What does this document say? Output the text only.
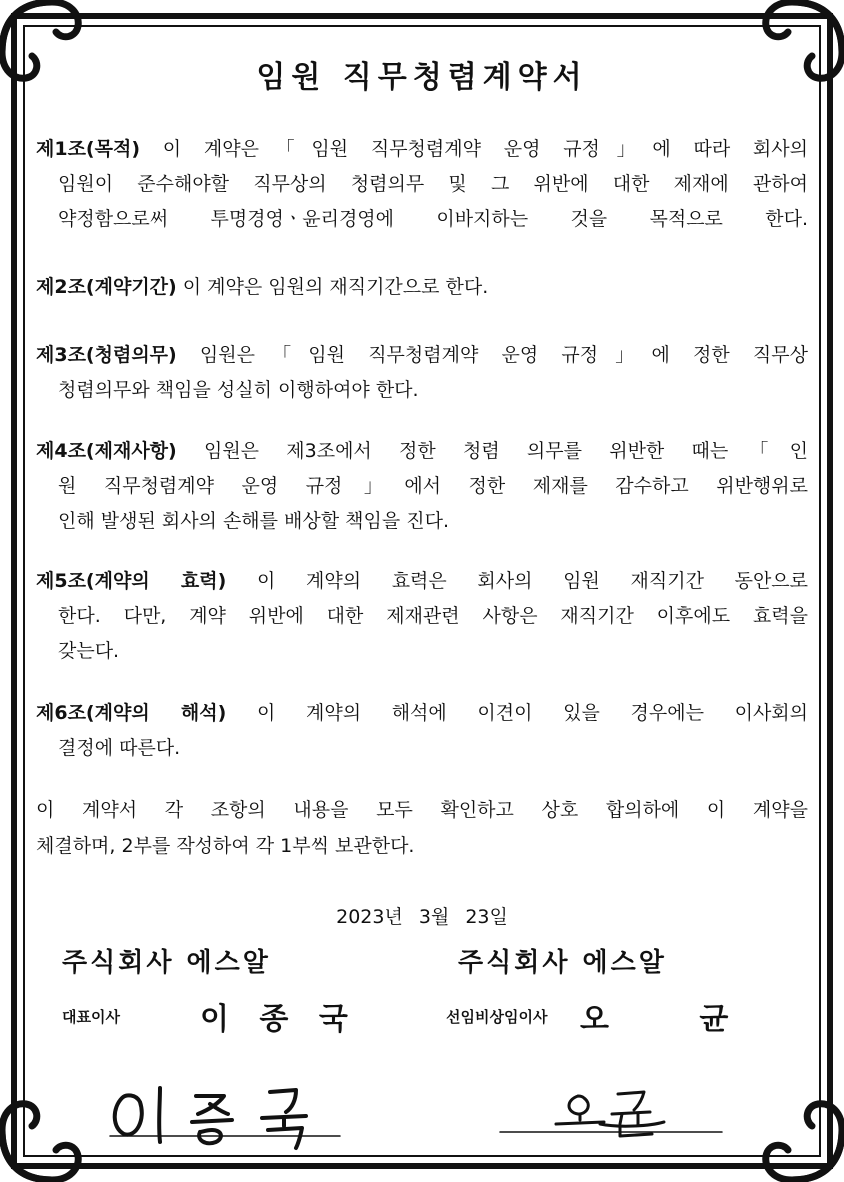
임원 직무청렴계약서
제1조(목적) 이 계약은「임원 직무청렴계약 운영 규정」에 따라 회사의
임원이 준수해야할 직무상의 청렴의무 및 그 위반에 대한 제재에 관하여
약정함으로써 투명경영ㆍ윤리경영에 이바지하는 것을 목적으로 한다.
제2조(계약기간) 이 계약은 임원의 재직기간으로 한다.
제3조(청렴의무) 임원은「임원 직무청렴계약 운영 규정」에 정한 직무상
청렴의무와 책임을 성실히 이행하여야 한다.
제4조(제재사항) 임원은 제3조에서 정한 청렴 의무를 위반한 때는「인
원 직무청렴계약 운영 규정」에서 정한 제재를 감수하고 위반행위로
인해 발생된 회사의 손해를 배상할 책임을 진다.
제5조(계약의 효력) 이 계약의 효력은 회사의 임원 재직기간 동안으로
한다. 다만, 계약 위반에 대한 제재관련 사항은 재직기간 이후에도 효력을
갖는다.
제6조(계약의 해석) 이 계약의 해석에 이견이 있을 경우에는 이사회의
결정에 따른다.
이 계약서 각 조항의 내용을 모두 확인하고 상호 합의하에 이 계약을
체결하며, 2부를 작성하여 각 1부씩 보관한다.
2023년 3월 23일
주식회사 에스알	주식회사 에스알
대표이사	이 종 국	선임비상임이사 오 균
